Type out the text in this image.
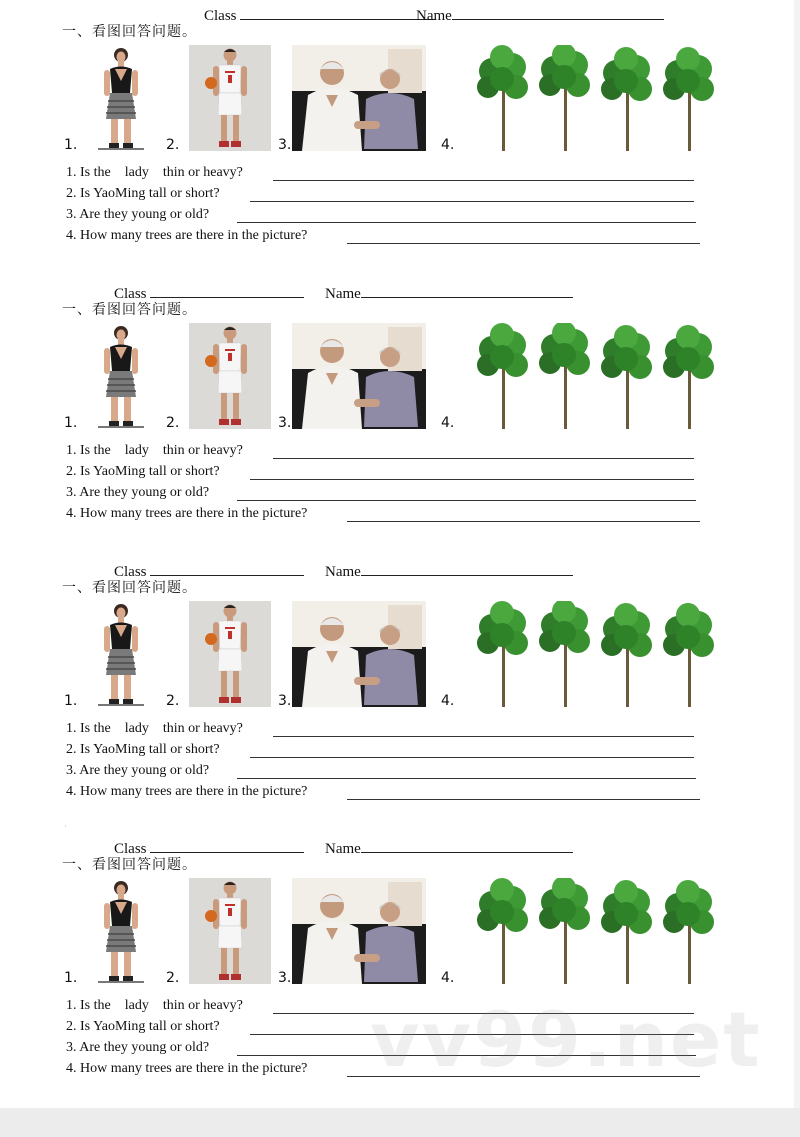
Class	Name
一、看图回答问题。
1.	2.	3.	4.
1. Is the    lady    thin or heavy?
2. Is YaoMing tall or short?
3. Are they young or old?
4. How many trees are there in the picture?
Class	Name
一、看图回答问题。
1.	2.	3.	4.
1. Is the    lady    thin or heavy?
2. Is YaoMing tall or short?
3. Are they young or old?
4. How many trees are there in the picture?
Class	Name
一、看图回答问题。
1.	2.	3.	4.
1. Is the    lady    thin or heavy?
2. Is YaoMing tall or short?
3. Are they young or old?
4. How many trees are there in the picture?
Class	Name
一、看图回答问题。
1.	2.	3.	4.
1. Is the    lady    thin or heavy?
2. Is YaoMing tall or short?
3. Are they young or old?
4. How many trees are there in the picture?
·
vv99.net
